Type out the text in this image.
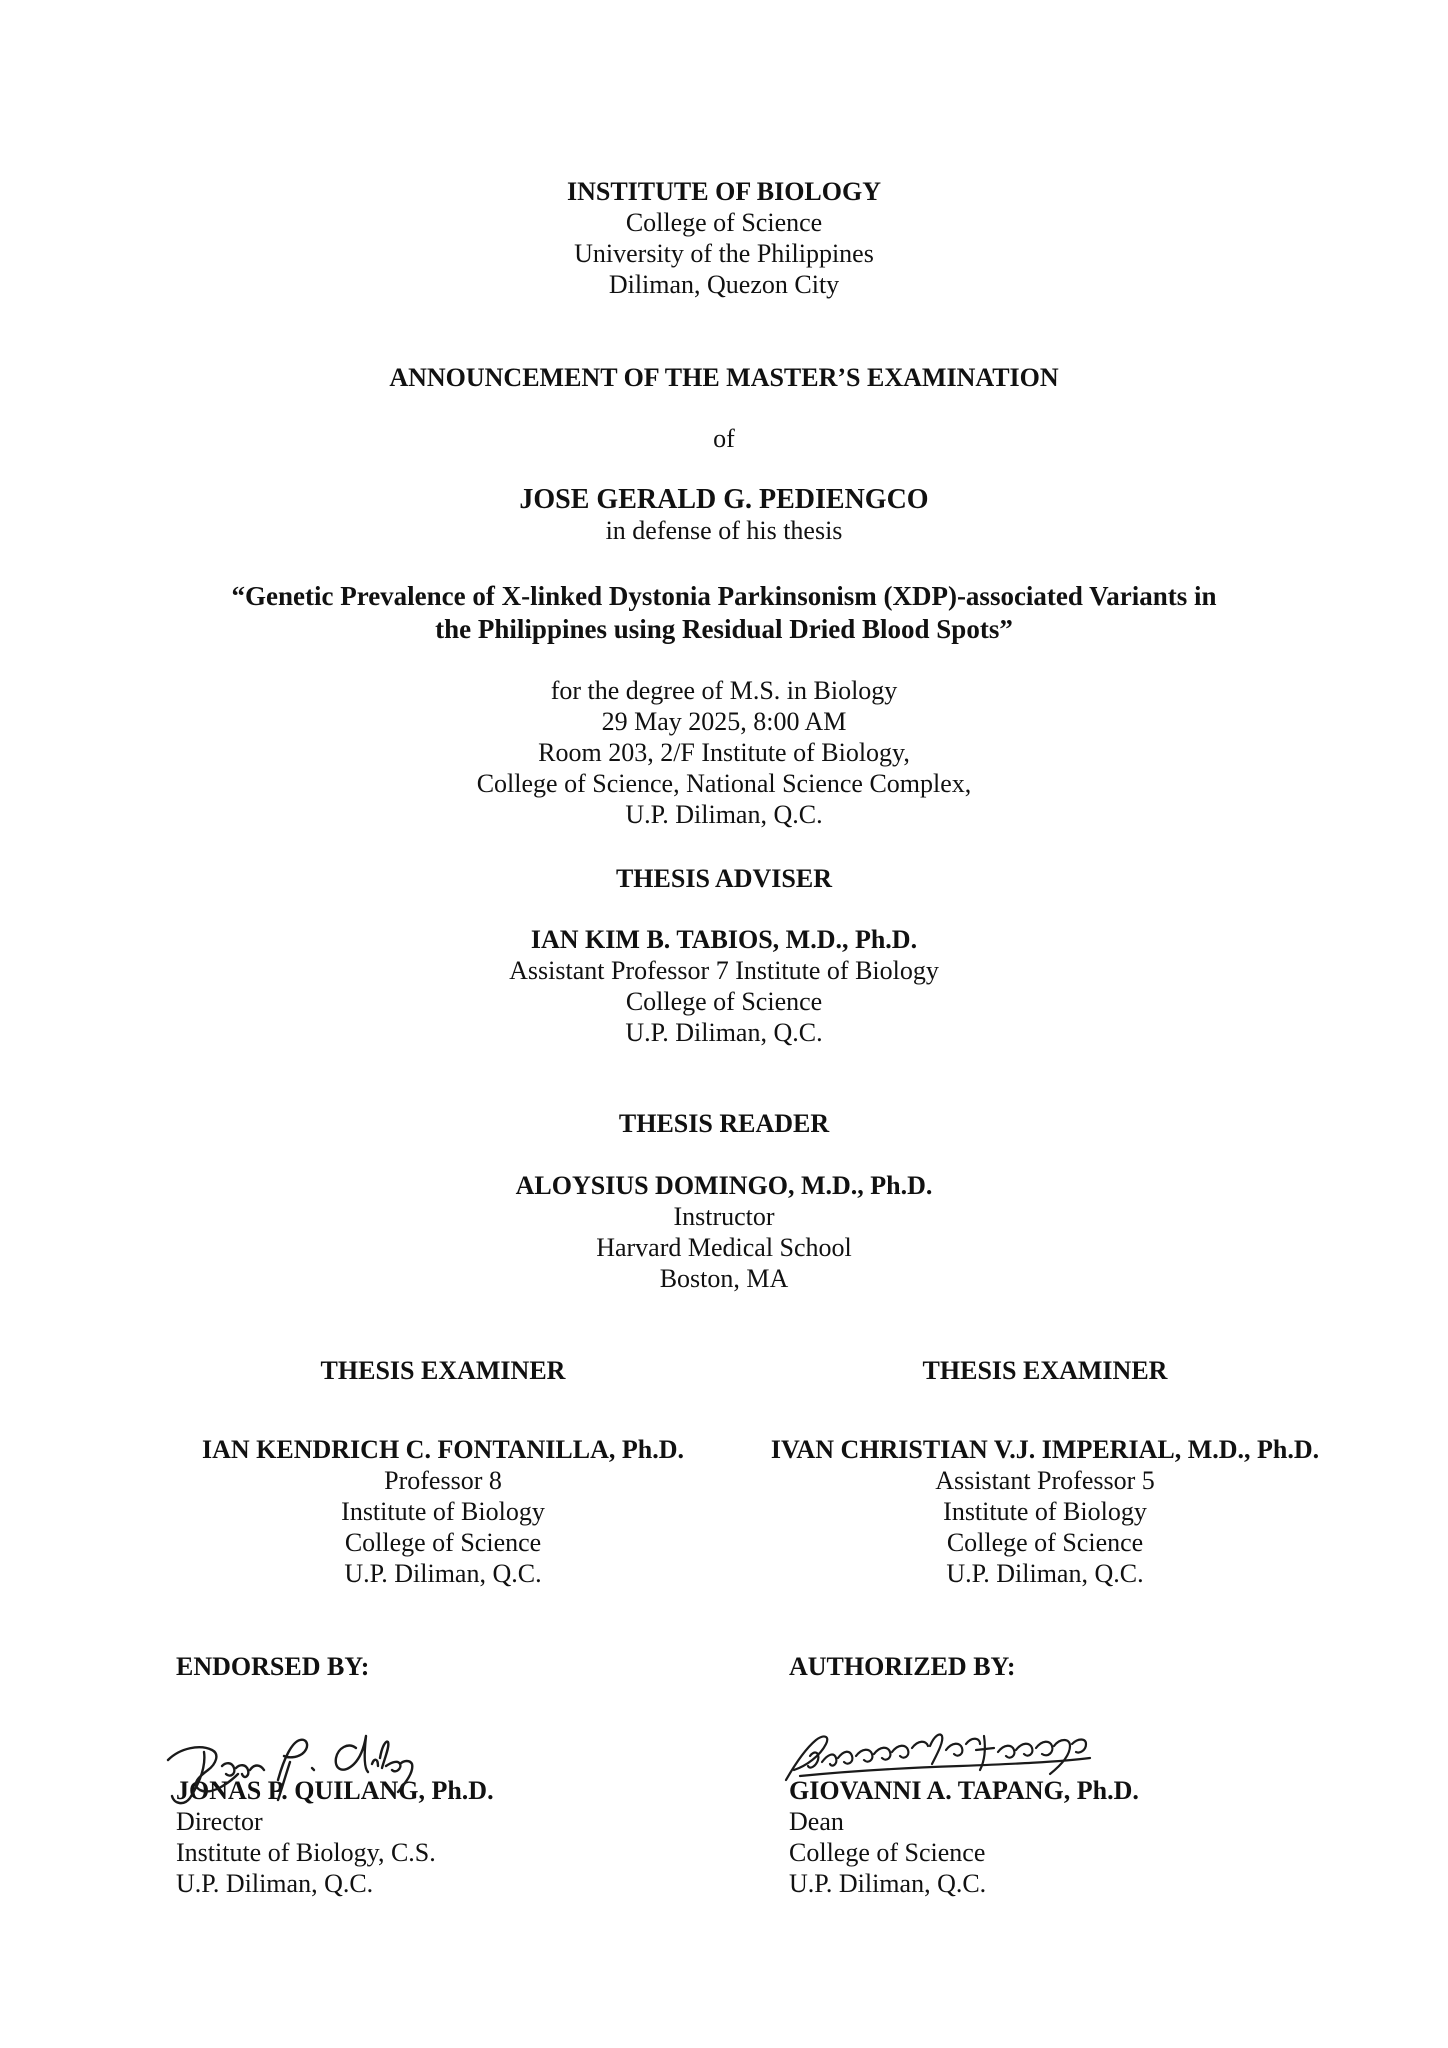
INSTITUTE OF BIOLOGY
College of Science
University of the Philippines
Diliman, Quezon City
ANNOUNCEMENT OF THE MASTER’S EXAMINATION
of
JOSE GERALD G. PEDIENGCO
in defense of his thesis
“Genetic Prevalence of X-linked Dystonia Parkinsonism (XDP)-associated Variants in
the Philippines using Residual Dried Blood Spots”
for the degree of M.S. in Biology
29 May 2025, 8:00 AM
Room 203, 2/F Institute of Biology,
College of Science, National Science Complex,
U.P. Diliman, Q.C.
THESIS ADVISER
IAN KIM B. TABIOS, M.D., Ph.D.
Assistant Professor 7 Institute of Biology
College of Science
U.P. Diliman, Q.C.
THESIS READER
ALOYSIUS DOMINGO, M.D., Ph.D.
Instructor
Harvard Medical School
Boston, MA
THESIS EXAMINER
IAN KENDRICH C. FONTANILLA, Ph.D.
Professor 8
Institute of Biology
College of Science
U.P. Diliman, Q.C.
THESIS EXAMINER
IVAN CHRISTIAN V.J. IMPERIAL, M.D., Ph.D.
Assistant Professor 5
Institute of Biology
College of Science
U.P. Diliman, Q.C.
ENDORSED BY:
JONAS P. QUILANG, Ph.D.
Director
Institute of Biology, C.S.
U.P. Diliman, Q.C.
AUTHORIZED BY:
GIOVANNI A. TAPANG, Ph.D.
Dean
College of Science
U.P. Diliman, Q.C.
